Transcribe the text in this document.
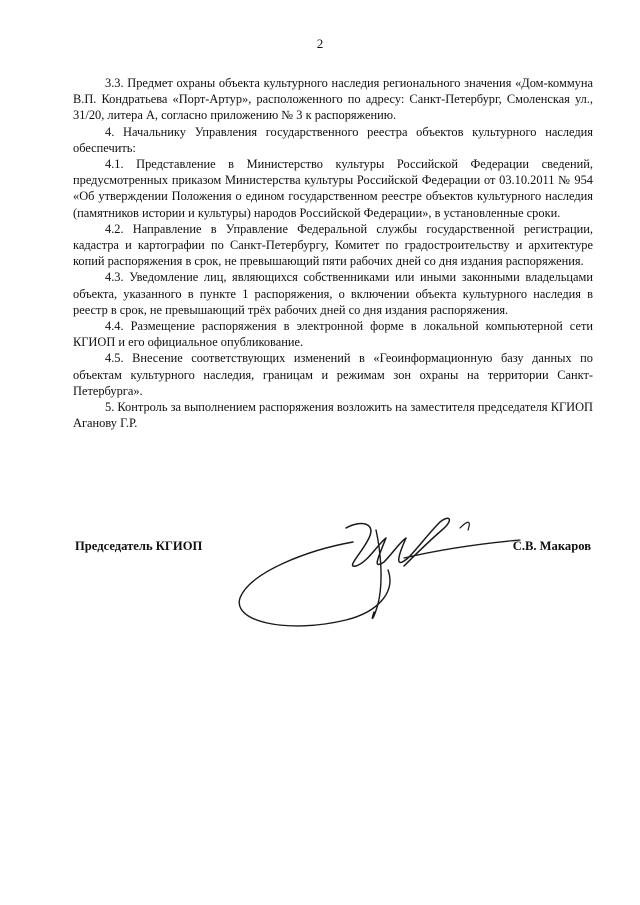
2

3.3. Предмет охраны объекта культурного наследия регионального значения «Дом-коммуна В.П. Кондратьева «Порт-Артур», расположенного по адресу: Санкт-Петербург, Смоленская ул., 31/20, литера А, согласно приложению № 3 к распоряжению.

4. Начальнику Управления государственного реестра объектов культурного наследия обеспечить:

4.1. Представление в Министерство культуры Российской Федерации сведений, предусмотренных приказом Министерства культуры Российской Федерации от 03.10.2011 № 954 «Об утверждении Положения о едином государственном реестре объектов культурного наследия (памятников истории и культуры) народов Российской Федерации», в установленные сроки.

4.2. Направление в Управление Федеральной службы государственной регистрации, кадастра и картографии по Санкт-Петербургу, Комитет по градостроительству и архитектуре копий распоряжения в срок, не превышающий пяти рабочих дней со дня издания распоряжения.

4.3. Уведомление лиц, являющихся собственниками или иными законными владельцами объекта, указанного в пункте 1 распоряжения, о включении объекта культурного наследия в реестр в срок, не превышающий трёх рабочих дней со дня издания распоряжения.

4.4. Размещение распоряжения в электронной форме в локальной компьютерной сети КГИОП и его официальное опубликование.

4.5. Внесение соответствующих изменений в «Геоинформационную базу данных по объектам культурного наследия, границам и режимам зон охраны на территории Санкт-Петербурга».

5. Контроль за выполнением распоряжения возложить на заместителя председателя КГИОП Аганову Г.Р.

Председатель КГИОП	С.В. Макаров
